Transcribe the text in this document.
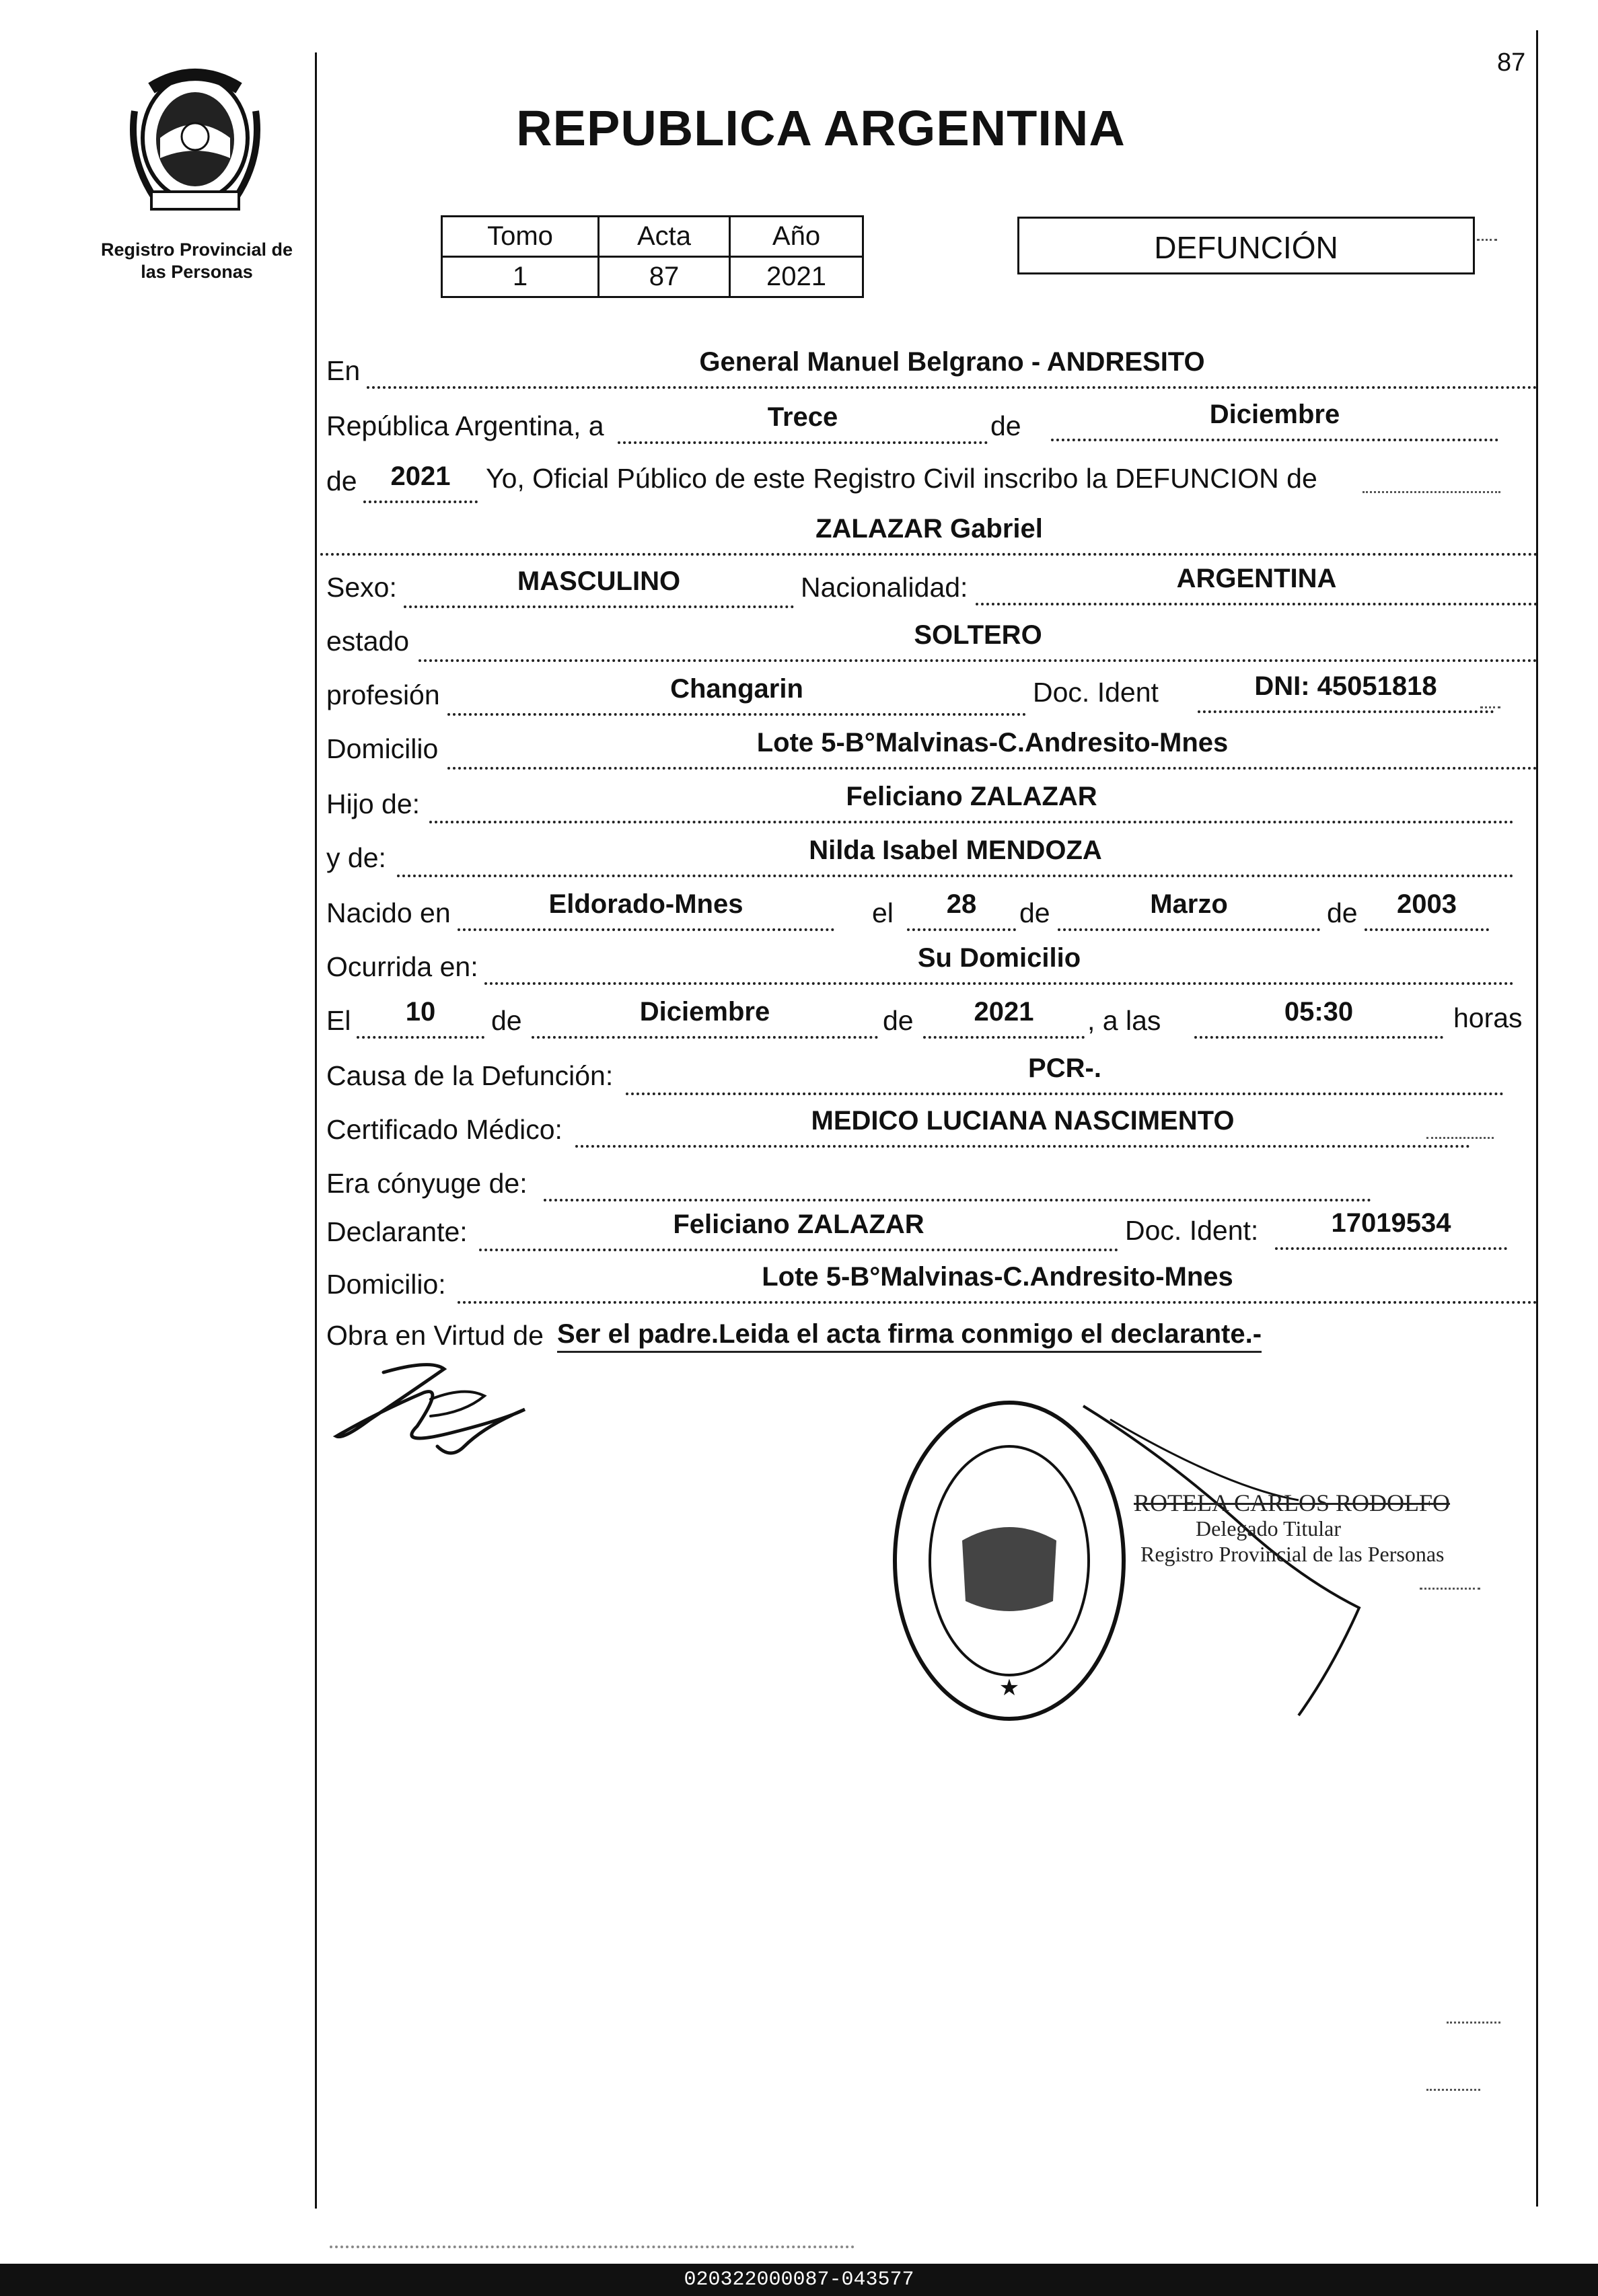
87
Registro Provincial de
las Personas
REPUBLICA ARGENTINA
Tomo	Acta	Año
1	87	2021
DEFUNCIÓN
En	General Manuel Belgrano - ANDRESITO
República Argentina, a	Trece	de	Diciembre
de	2021	Yo, Oficial Público de este Registro Civil inscribo la DEFUNCION de
ZALAZAR Gabriel
Sexo:	MASCULINO	Nacionalidad:	ARGENTINA
estado	SOLTERO
profesión	Changarin	Doc. Ident	DNI: 45051818
Domicilio	Lote 5-B°Malvinas-C.Andresito-Mnes
Hijo de:	Feliciano ZALAZAR
y de:	Nilda Isabel MENDOZA
Nacido en	Eldorado-Mnes	el	28	de	Marzo	de	2003
Ocurrida en:	Su Domicilio
El	10	de	Diciembre	de	2021	, a las	05:30	horas
Causa de la Defunción:	PCR-.
Certificado Médico:	MEDICO LUCIANA NASCIMENTO
Era cónyuge de:
Declarante:	Feliciano ZALAZAR	Doc. Ident:	17019534
Domicilio:	Lote 5-B°Malvinas-C.Andresito-Mnes
Obra en Virtud de Ser el padre.Leida el acta firma conmigo el declarante.-
★
ROTELA CARLOS RODOLFO
Delegado Titular
Registro Provincial de las Personas
020322000087-043577
